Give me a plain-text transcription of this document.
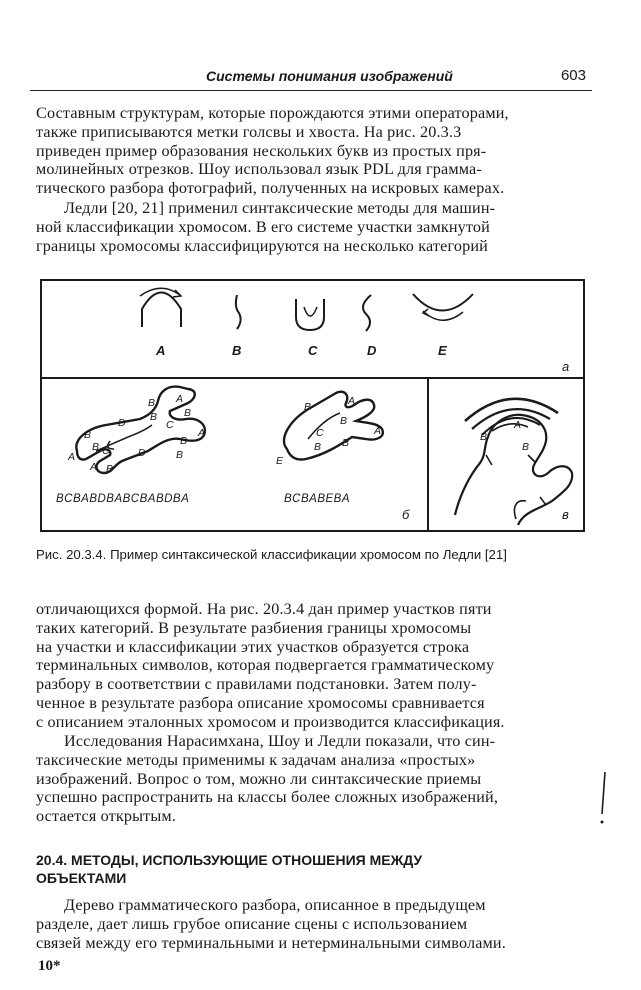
Системы понимания изображений	603

Составным структурам, которые порождаются этими операторами,
также приписываются метки голсвы и хвоста. На рис. 20.3.3
приведен пример образования нескольких букв из простых пря-
молинейных отрезков. Шоу использовал язык PDL для грамма-
тического разбора фотографий, полученных на искровых камерах.

Ледли [20, 21] применил синтаксические методы для машин-
ной классификации хромосом. В его системе участки замкнутой
границы хромосомы классифицируются на несколько категорий

A	B	C	D	E
а
B A
D B
C
A
B
A	C
B	D	B
A B
B
B	B	A
B
C
B
A
B
E
BCBABDBABCBABDBA	BCBABEBA
б
B
A
B
в
Рис. 20.3.4. Пример синтаксической классификации хромосом по Ледли [21]

отличающихся формой. На рис. 20.3.4 дан пример участков пяти
таких категорий. В результате разбиения границы хромосомы
на участки и классификации этих участков образуется строка
терминальных символов, которая подвергается грамматическому
разбору в соответствии с правилами подстановки. Затем полу-
ченное в результате разбора описание хромосомы сравнивается
с описанием эталонных хромосом и производится классификация.

Исследования Нарасимхана, Шоу и Ледли показали, что син-
таксические методы применимы к задачам анализа «простых»
изображений. Вопрос о том, можно ли синтаксические приемы
успешно распространить на классы более сложных изображений,
остается открытым.

20.4. МЕТОДЫ, ИСПОЛЬЗУЮЩИЕ ОТНОШЕНИЯ МЕЖДУ
ОБЪЕКТАМИ

Дерево грамматического разбора, описанное в предыдущем
разделе, дает лишь грубое описание сцены с использованием
связей между его терминальными и нетерминальными символами.

10*
